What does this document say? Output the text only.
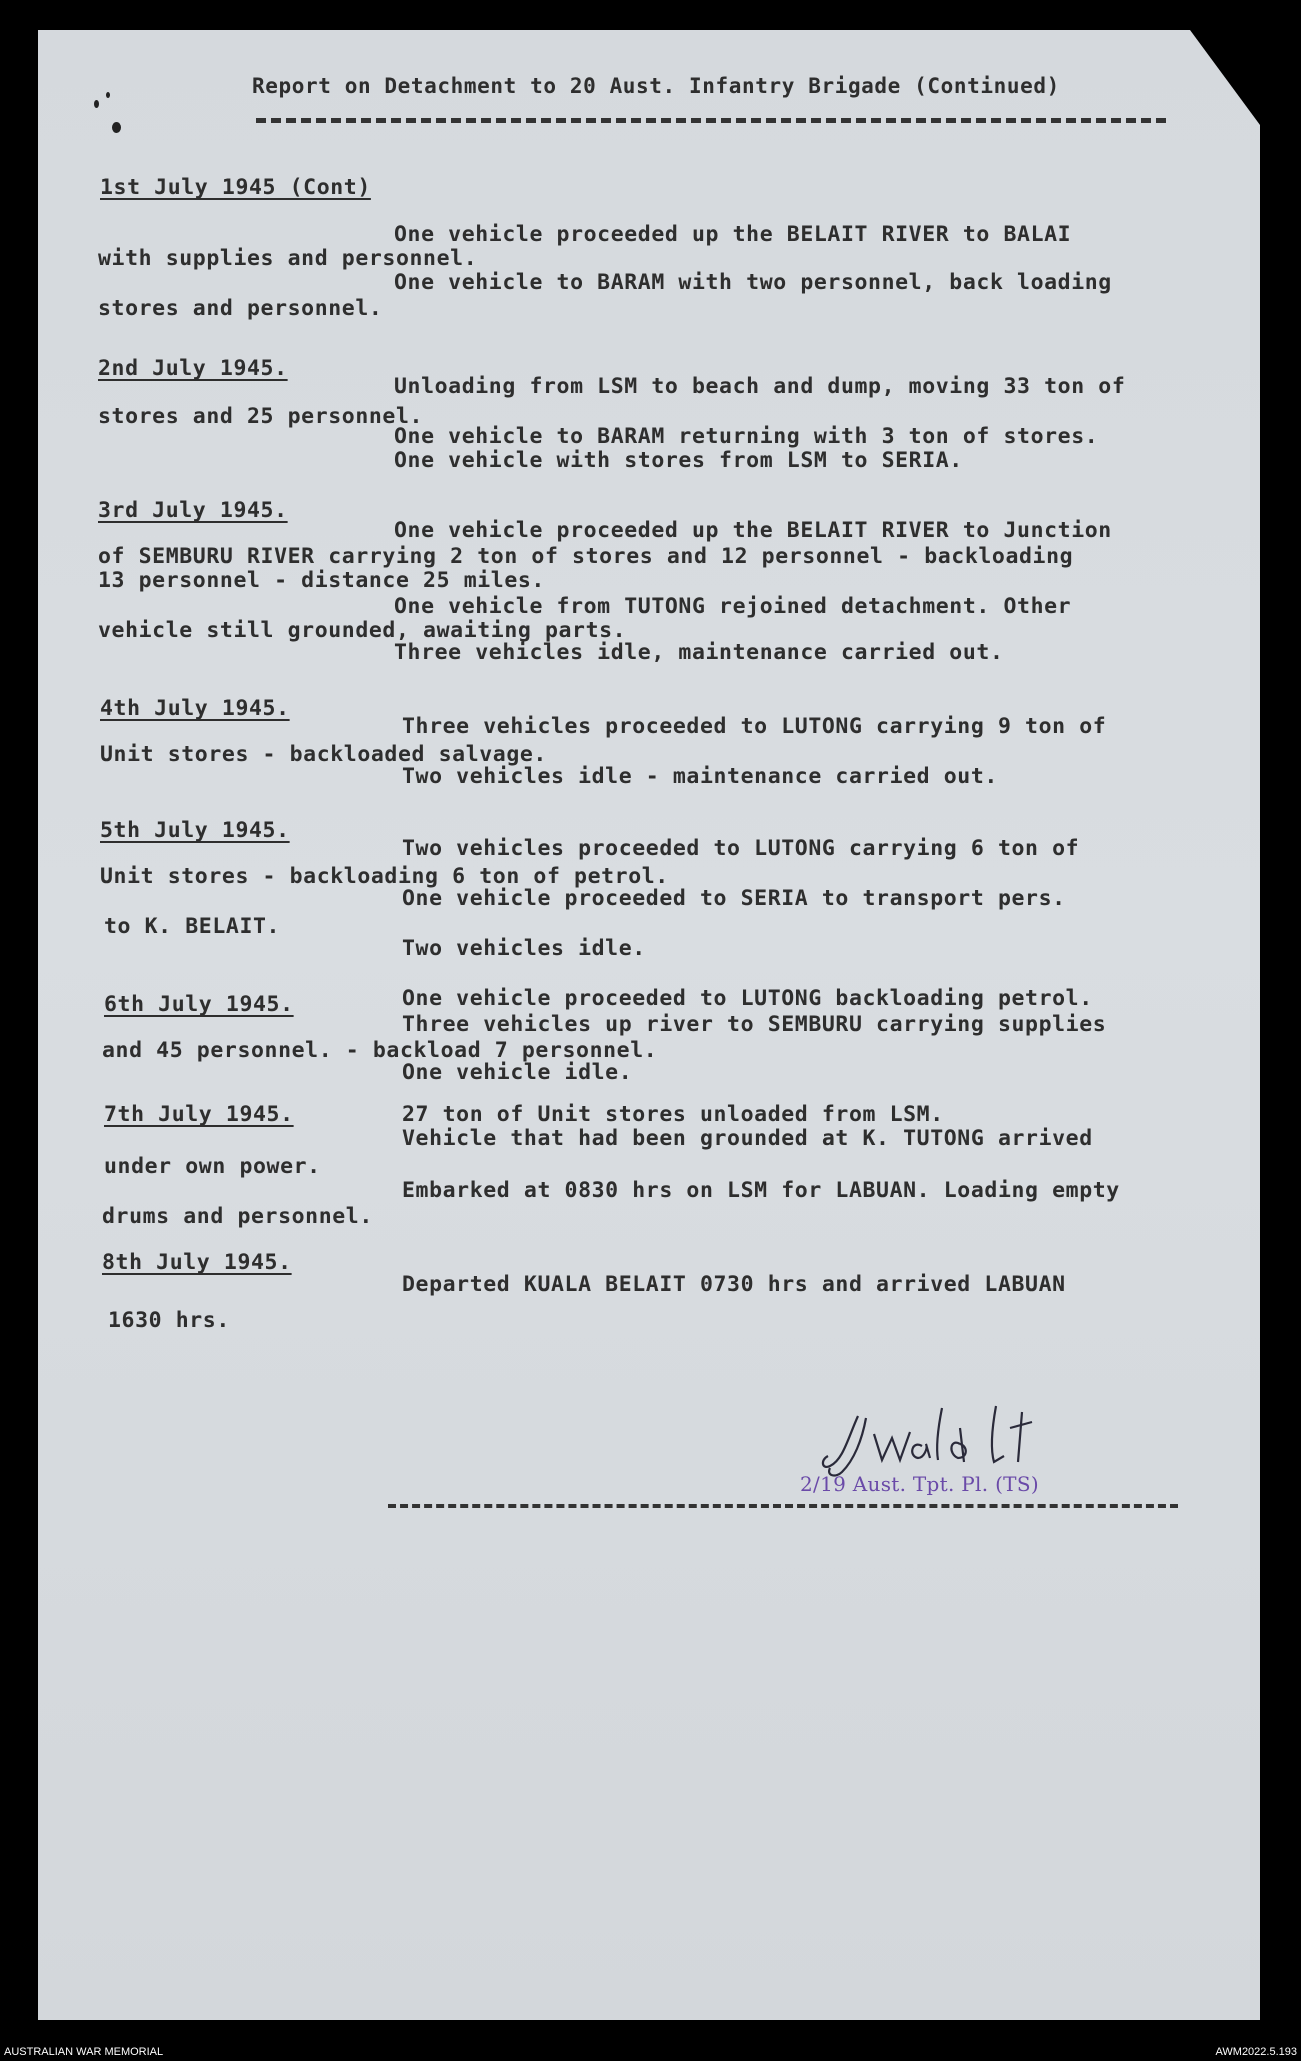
Report on Detachment to 20 Aust. Infantry Brigade (Continued)
1st July 1945 (Cont)
One vehicle proceeded up the BELAIT RIVER to BALAI
with supplies and personnel.
One vehicle to BARAM with two personnel, back loading
stores and personnel.
2nd July 1945.
Unloading from LSM to beach and dump, moving 33 ton of
stores and 25 personnel.
One vehicle to BARAM returning with 3 ton of stores.
One vehicle with stores from LSM to SERIA.
3rd July 1945.
One vehicle proceeded up the BELAIT RIVER to Junction
of SEMBURU RIVER carrying 2 ton of stores and 12 personnel - backloading
13 personnel - distance 25 miles.
One vehicle from TUTONG rejoined detachment. Other
vehicle still grounded, awaiting parts.
Three vehicles idle, maintenance carried out.
4th July 1945.
Three vehicles proceeded to LUTONG carrying 9 ton of
Unit stores - backloaded salvage.
Two vehicles idle - maintenance carried out.
5th July 1945.
Two vehicles proceeded to LUTONG carrying 6 ton of
Unit stores - backloading 6 ton of petrol.
One vehicle proceeded to SERIA to transport pers.
to K. BELAIT.
Two vehicles idle.
6th July 1945.	One vehicle proceeded to LUTONG backloading petrol.
Three vehicles up river to SEMBURU carrying supplies
and 45 personnel. - backload 7 personnel.
One vehicle idle.
7th July 1945.	27 ton of Unit stores unloaded from LSM.
Vehicle that had been grounded at K. TUTONG arrived
under own power.
Embarked at 0830 hrs on LSM for LABUAN. Loading empty
drums and personnel.
8th July 1945.
Departed KUALA BELAIT 0730 hrs and arrived LABUAN
1630 hrs.
2/19 Aust. Tpt. Pl. (TS)
AUSTRALIAN WAR MEMORIAL	AWM2022.5.193
